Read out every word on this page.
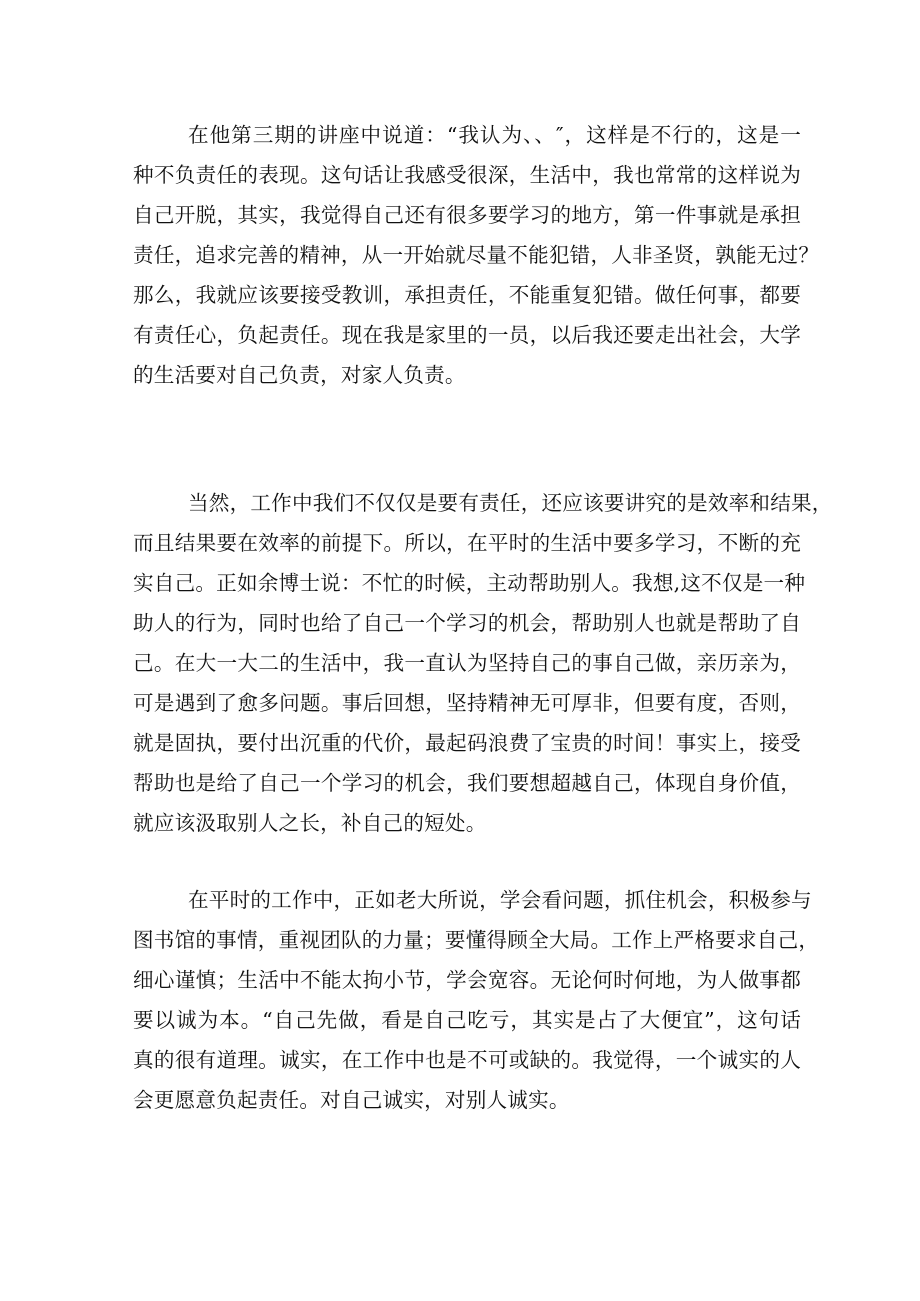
在他第三期的讲座中说道：“我认为、、″，这样是不行的，这是一
种不负责任的表现。这句话让我感受很深，生活中，我也常常的这样说为
自己开脱，其实，我觉得自己还有很多要学习的地方，第一件事就是承担
责任，追求完善的精神，从一开始就尽量不能犯错，人非圣贤，孰能无过？
那么，我就应该要接受教训，承担责任，不能重复犯错。做任何事，都要
有责任心，负起责任。现在我是家里的一员，以后我还要走出社会，大学
的生活要对自己负责，对家人负责。
当然，工作中我们不仅仅是要有责任，还应该要讲究的是效率和结果，
而且结果要在效率的前提下。所以，在平时的生活中要多学习，不断的充
实自己。正如余博士说：不忙的时候，主动帮助别人。我想,这不仅是一种
助人的行为，同时也给了自己一个学习的机会，帮助别人也就是帮助了自
己。在大一大二的生活中，我一直认为坚持自己的事自己做，亲历亲为，
可是遇到了愈多问题。事后回想，坚持精神无可厚非，但要有度，否则，
就是固执，要付出沉重的代价，最起码浪费了宝贵的时间！事实上，接受
帮助也是给了自己一个学习的机会，我们要想超越自己，体现自身价值，
就应该汲取别人之长，补自己的短处。
在平时的工作中，正如老大所说，学会看问题，抓住机会，积极参与
图书馆的事情，重视团队的力量；要懂得顾全大局。工作上严格要求自己，
细心谨慎；生活中不能太拘小节，学会宽容。无论何时何地，为人做事都
要以诚为本。“自己先做，看是自己吃亏，其实是占了大便宜”，这句话
真的很有道理。诚实，在工作中也是不可或缺的。我觉得，一个诚实的人
会更愿意负起责任。对自己诚实，对别人诚实。
